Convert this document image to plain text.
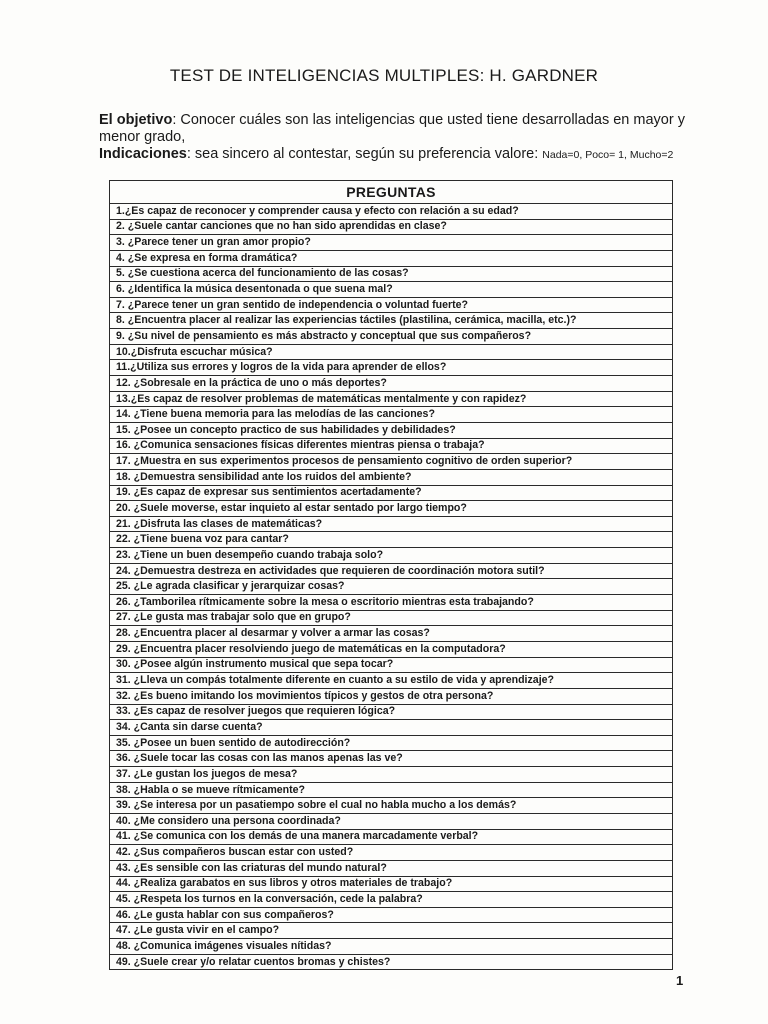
TEST DE INTELIGENCIAS MULTIPLES: H. GARDNER
El objetivo: Conocer cuáles son las inteligencias que usted tiene desarrolladas en mayor y menor grado,
Indicaciones: sea sincero al contestar, según su preferencia valore: Nada=0, Poco= 1, Mucho=2
PREGUNTAS
1.¿Es capaz de reconocer y comprender causa y efecto con relación a su edad?
2. ¿Suele cantar canciones que no han sido aprendidas en clase?
3. ¿Parece tener un gran amor propio?
4. ¿Se expresa en forma dramática?
5. ¿Se cuestiona acerca del funcionamiento de las cosas?
6. ¿Identifica la música desentonada o que suena mal?
7. ¿Parece tener un gran sentido de independencia o voluntad fuerte?
8. ¿Encuentra placer al realizar las experiencias táctiles (plastilina, cerámica, macilla, etc.)?
9. ¿Su nivel de pensamiento es más abstracto y conceptual que sus compañeros?
10.¿Disfruta escuchar música?
11.¿Utiliza sus errores y logros de la vida para aprender de ellos?
12. ¿Sobresale en la práctica de uno o más deportes?
13.¿Es capaz de resolver problemas de matemáticas mentalmente y con rapidez?
14. ¿Tiene buena memoria para las melodías de las canciones?
15. ¿Posee un concepto practico de sus habilidades y debilidades?
16. ¿Comunica sensaciones físicas diferentes mientras piensa o trabaja?
17. ¿Muestra en sus experimentos procesos de pensamiento cognitivo de orden superior?
18. ¿Demuestra sensibilidad ante los ruidos del ambiente?
19. ¿Es capaz de expresar sus sentimientos acertadamente?
20. ¿Suele moverse, estar inquieto al estar sentado por largo tiempo?
21. ¿Disfruta las clases de matemáticas?
22. ¿Tiene buena voz para cantar?
23. ¿Tiene un buen desempeño cuando trabaja solo?
24. ¿Demuestra destreza en actividades que requieren de coordinación motora sutil?
25. ¿Le agrada clasificar y jerarquizar cosas?
26. ¿Tamborilea rítmicamente sobre la mesa o escritorio mientras esta trabajando?
27. ¿Le gusta mas trabajar solo que en grupo?
28. ¿Encuentra placer al desarmar y volver a armar las cosas?
29. ¿Encuentra placer resolviendo juego de matemáticas en la computadora?
30. ¿Posee algún instrumento musical que sepa tocar?
31. ¿Lleva un compás totalmente diferente en cuanto a su estilo de vida y aprendizaje?
32. ¿Es bueno imitando los movimientos típicos y gestos de otra persona?
33. ¿Es capaz de resolver juegos que requieren lógica?
34. ¿Canta sin darse cuenta?
35. ¿Posee un buen sentido de autodirección?
36. ¿Suele tocar las cosas con las manos apenas las ve?
37. ¿Le gustan los juegos de mesa?
38. ¿Habla o se mueve rítmicamente?
39. ¿Se interesa por un pasatiempo sobre el cual no habla mucho a los demás?
40. ¿Me considero una persona coordinada?
41. ¿Se comunica con los demás de una manera marcadamente verbal?
42. ¿Sus compañeros buscan estar con usted?
43. ¿Es sensible con las criaturas del mundo natural?
44. ¿Realiza garabatos en sus libros y otros materiales de trabajo?
45. ¿Respeta los turnos en la conversación, cede la palabra?
46. ¿Le gusta hablar con sus compañeros?
47. ¿Le gusta vivir en el campo?
48. ¿Comunica imágenes visuales nítidas?
49. ¿Suele crear y/o relatar cuentos bromas y chistes?
1
